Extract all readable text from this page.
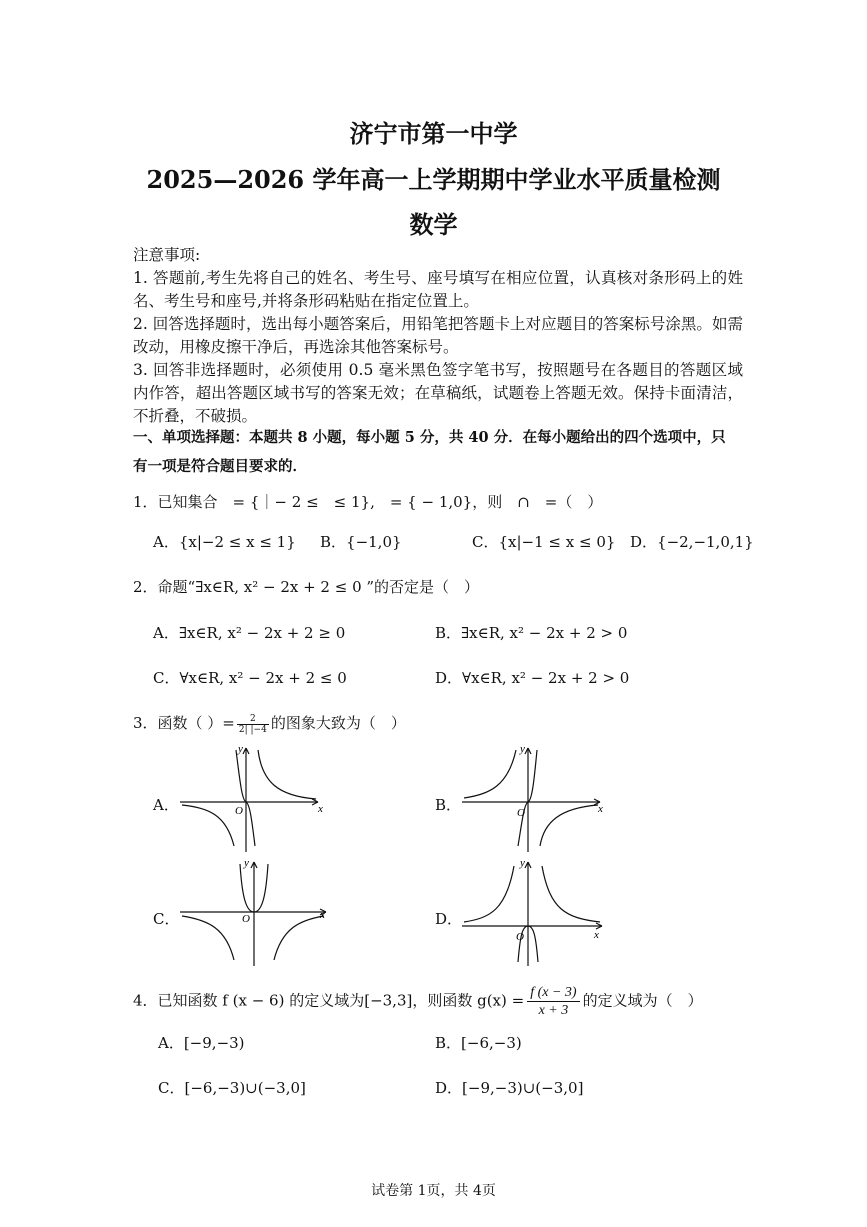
济宁市第一中学
2025—2026 学年高一上学期期中学业水平质量检测
数学
注意事项:
1. 答题前,考生先将自己的姓名、考生号、座号填写在相应位置，认真核对条形码上的姓名、考生号和座号,并将条形码粘贴在指定位置上。
2. 回答选择题时，选出每小题答案后，用铅笔把答题卡上对应题目的答案标号涂黑。如需改动，用橡皮擦干净后，再选涂其他答案标号。
3. 回答非选择题时，必须使用 0.5 毫米黑色签字笔书写，按照题号在各题目的答题区域内作答，超出答题区域书写的答案无效；在草稿纸，试题卷上答题无效。保持卡面清洁，不折叠，不破损。
一、单项选择题：本题共 8 小题，每小题 5 分，共 40 分．在每小题给出的四个选项中，只
有一项是符合题目要求的．
1．已知集合　= {｜− 2 ≤　≤ 1},　= { − 1,0}，则　∩　=（　）
A．{x|−2 ≤ x ≤ 1} B．{−1,0}	C．{x|−1 ≤ x ≤ 0} D．{−2,−1,0,1}
2．命题“∃x∈R, x² − 2x + 2 ≤ 0 ”的否定是（　）
A．∃x∈R, x² − 2x + 2 ≥ 0	B．∃x∈R, x² − 2x + 2 > 0
C．∀x∈R, x² − 2x + 2 ≤ 0	D．∀x∈R, x² − 2x + 2 > 0
3．函数（ ）= $\frac{2}{2| |-4}$ 的图象大致为（　）
A．	B．
C．	D．
x
y
O	x
y
O
x
y
O
x
y
O
4．已知函数 f (x − 6) 的定义域为[−3,3]，则函数 $g(x) = \frac{f (x - 3)}{x + 3}$ 的定义域为（　）
A．[−9,−3)	B．[−6,−3)
C．[−6,−3)∪(−3,0]	D．[−9,−3)∪(−3,0]
试卷第 1页，共 4页
